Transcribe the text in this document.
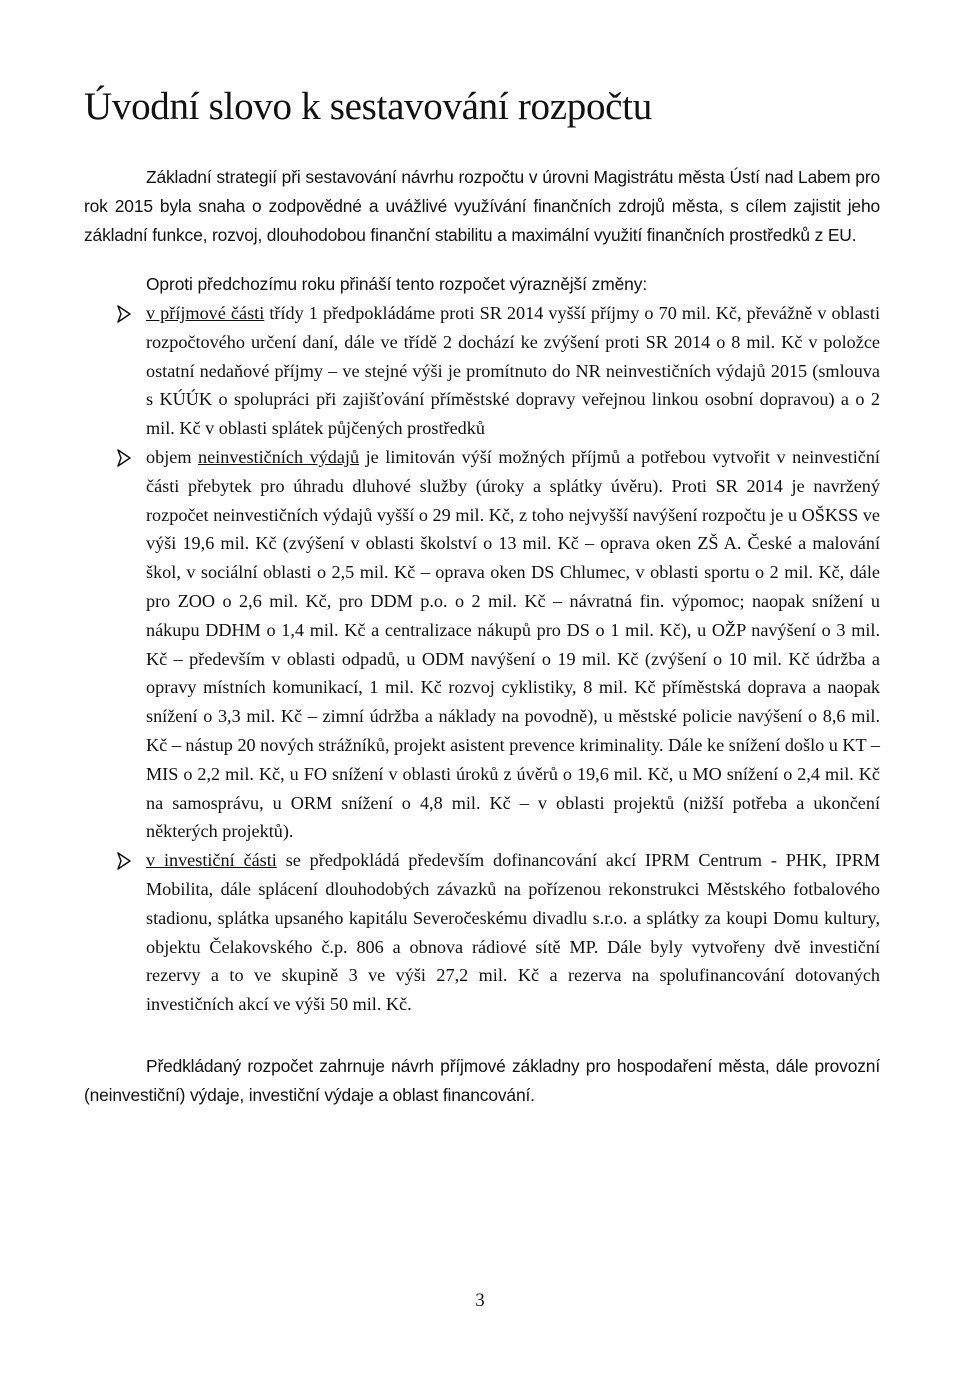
Úvodní slovo k sestavování rozpočtu

Základní strategií při sestavování návrhu rozpočtu v úrovni Magistrátu města Ústí nad Labem pro rok 2015 byla snaha o zodpovědné a uvážlivé využívání finančních zdrojů města, s cílem zajistit jeho základní funkce, rozvoj, dlouhodobou finanční stabilitu a maximální využití finančních prostředků z EU.

Oproti předchozímu roku přináší tento rozpočet výraznější změny:

v příjmové části třídy 1 předpokládáme proti SR 2014 vyšší příjmy o 70 mil. Kč, převážně v oblasti rozpočtového určení daní, dále ve třídě 2 dochází ke zvýšení proti SR 2014 o 8 mil. Kč v položce ostatní nedaňové příjmy – ve stejné výši je promítnuto do NR neinvestičních výdajů 2015 (smlouva s KÚÚK o spolupráci při zajišťování příměstské dopravy veřejnou linkou osobní dopravou) a o 2 mil. Kč v oblasti splátek půjčených prostředků

objem neinvestičních výdajů je limitován výší možných příjmů a potřebou vytvořit v neinvestiční části přebytek pro úhradu dluhové služby (úroky a splátky úvěru). Proti SR 2014 je navržený rozpočet neinvestičních výdajů vyšší o 29 mil. Kč, z toho nejvyšší navýšení rozpočtu je u OŠKSS ve výši 19,6 mil. Kč (zvýšení v oblasti školství o 13 mil. Kč – oprava oken ZŠ A. České a malování škol, v sociální oblasti o 2,5 mil. Kč – oprava oken DS Chlumec, v oblasti sportu o 2 mil. Kč, dále pro ZOO o 2,6 mil. Kč, pro DDM p.o. o 2 mil. Kč – návratná fin. výpomoc; naopak snížení u nákupu DDHM o 1,4 mil. Kč a centralizace nákupů pro DS o 1 mil. Kč), u OŽP navýšení o 3 mil. Kč – především v oblasti odpadů, u ODM navýšení o 19 mil. Kč (zvýšení o 10 mil. Kč údržba a opravy místních komunikací, 1 mil. Kč rozvoj cyklistiky, 8 mil. Kč příměstská doprava a naopak snížení o 3,3 mil. Kč – zimní údržba a náklady na povodně), u městské policie navýšení o 8,6 mil. Kč – nástup 20 nových strážníků, projekt asistent prevence kriminality. Dále ke snížení došlo u KT – MIS o 2,2 mil. Kč, u FO snížení v oblasti úroků z úvěrů o 19,6 mil. Kč, u MO snížení o 2,4 mil. Kč na samosprávu, u ORM snížení o 4,8 mil. Kč – v oblasti projektů (nižší potřeba a ukončení některých projektů).

v investiční části se předpokládá především dofinancování akcí IPRM Centrum - PHK, IPRM Mobilita, dále splácení dlouhodobých závazků na pořízenou rekonstrukci Městského fotbalového stadionu, splátka upsaného kapitálu Severočeskému divadlu s.r.o. a splátky za koupi Domu kultury, objektu Čelakovského č.p. 806 a obnova rádiové sítě MP. Dále byly vytvořeny dvě investiční rezervy a to ve skupině 3 ve výši 27,2 mil. Kč a rezerva na spolufinancování dotovaných investičních akcí ve výši 50 mil. Kč.

Předkládaný rozpočet zahrnuje návrh příjmové základny pro hospodaření města, dále provozní (neinvestiční) výdaje, investiční výdaje a oblast financování.

3
